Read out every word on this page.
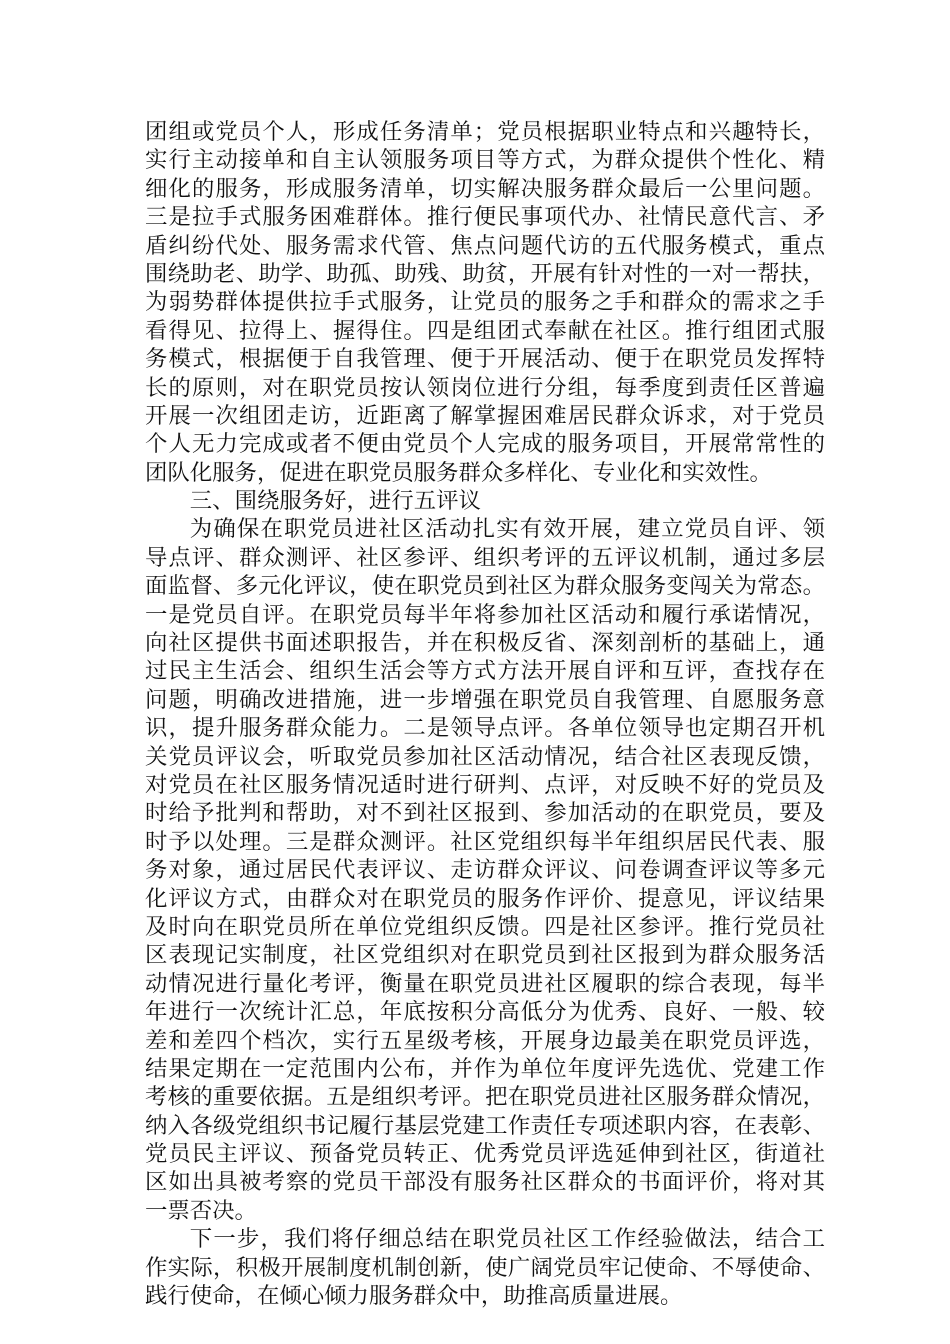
团组或党员个人，形成任务清单；党员根据职业特点和兴趣特长，
实行主动接单和自主认领服务项目等方式，为群众提供个性化、精
细化的服务，形成服务清单，切实解决服务群众最后一公里问题。
三是拉手式服务困难群体。推行便民事项代办、社情民意代言、矛
盾纠纷代处、服务需求代管、焦点问题代访的五代服务模式，重点
围绕助老、助学、助孤、助残、助贫，开展有针对性的一对一帮扶，
为弱势群体提供拉手式服务，让党员的服务之手和群众的需求之手
看得见、拉得上、握得住。四是组团式奉献在社区。推行组团式服
务模式，根据便于自我管理、便于开展活动、便于在职党员发挥特
长的原则，对在职党员按认领岗位进行分组，每季度到责任区普遍
开展一次组团走访，近距离了解掌握困难居民群众诉求，对于党员
个人无力完成或者不便由党员个人完成的服务项目，开展常常性的
团队化服务，促进在职党员服务群众多样化、专业化和实效性。
三、围绕服务好，进行五评议
为确保在职党员进社区活动扎实有效开展，建立党员自评、领
导点评、群众测评、社区参评、组织考评的五评议机制，通过多层
面监督、多元化评议，使在职党员到社区为群众服务变闯关为常态。
一是党员自评。在职党员每半年将参加社区活动和履行承诺情况，
向社区提供书面述职报告，并在积极反省、深刻剖析的基础上，通
过民主生活会、组织生活会等方式方法开展自评和互评，查找存在
问题，明确改进措施，进一步增强在职党员自我管理、自愿服务意
识，提升服务群众能力。二是领导点评。各单位领导也定期召开机
关党员评议会，听取党员参加社区活动情况，结合社区表现反馈，
对党员在社区服务情况适时进行研判、点评，对反映不好的党员及
时给予批判和帮助，对不到社区报到、参加活动的在职党员，要及
时予以处理。三是群众测评。社区党组织每半年组织居民代表、服
务对象，通过居民代表评议、走访群众评议、问卷调查评议等多元
化评议方式，由群众对在职党员的服务作评价、提意见，评议结果
及时向在职党员所在单位党组织反馈。四是社区参评。推行党员社
区表现记实制度，社区党组织对在职党员到社区报到为群众服务活
动情况进行量化考评，衡量在职党员进社区履职的综合表现，每半
年进行一次统计汇总，年底按积分高低分为优秀、良好、一般、较
差和差四个档次，实行五星级考核，开展身边最美在职党员评选，
结果定期在一定范围内公布，并作为单位年度评先选优、党建工作
考核的重要依据。五是组织考评。把在职党员进社区服务群众情况，
纳入各级党组织书记履行基层党建工作责任专项述职内容，在表彰、
党员民主评议、预备党员转正、优秀党员评选延伸到社区，街道社
区如出具被考察的党员干部没有服务社区群众的书面评价，将对其
一票否决。
下一步，我们将仔细总结在职党员社区工作经验做法，结合工
作实际，积极开展制度机制创新，使广阔党员牢记使命、不辱使命、
践行使命，在倾心倾力服务群众中，助推高质量进展。
